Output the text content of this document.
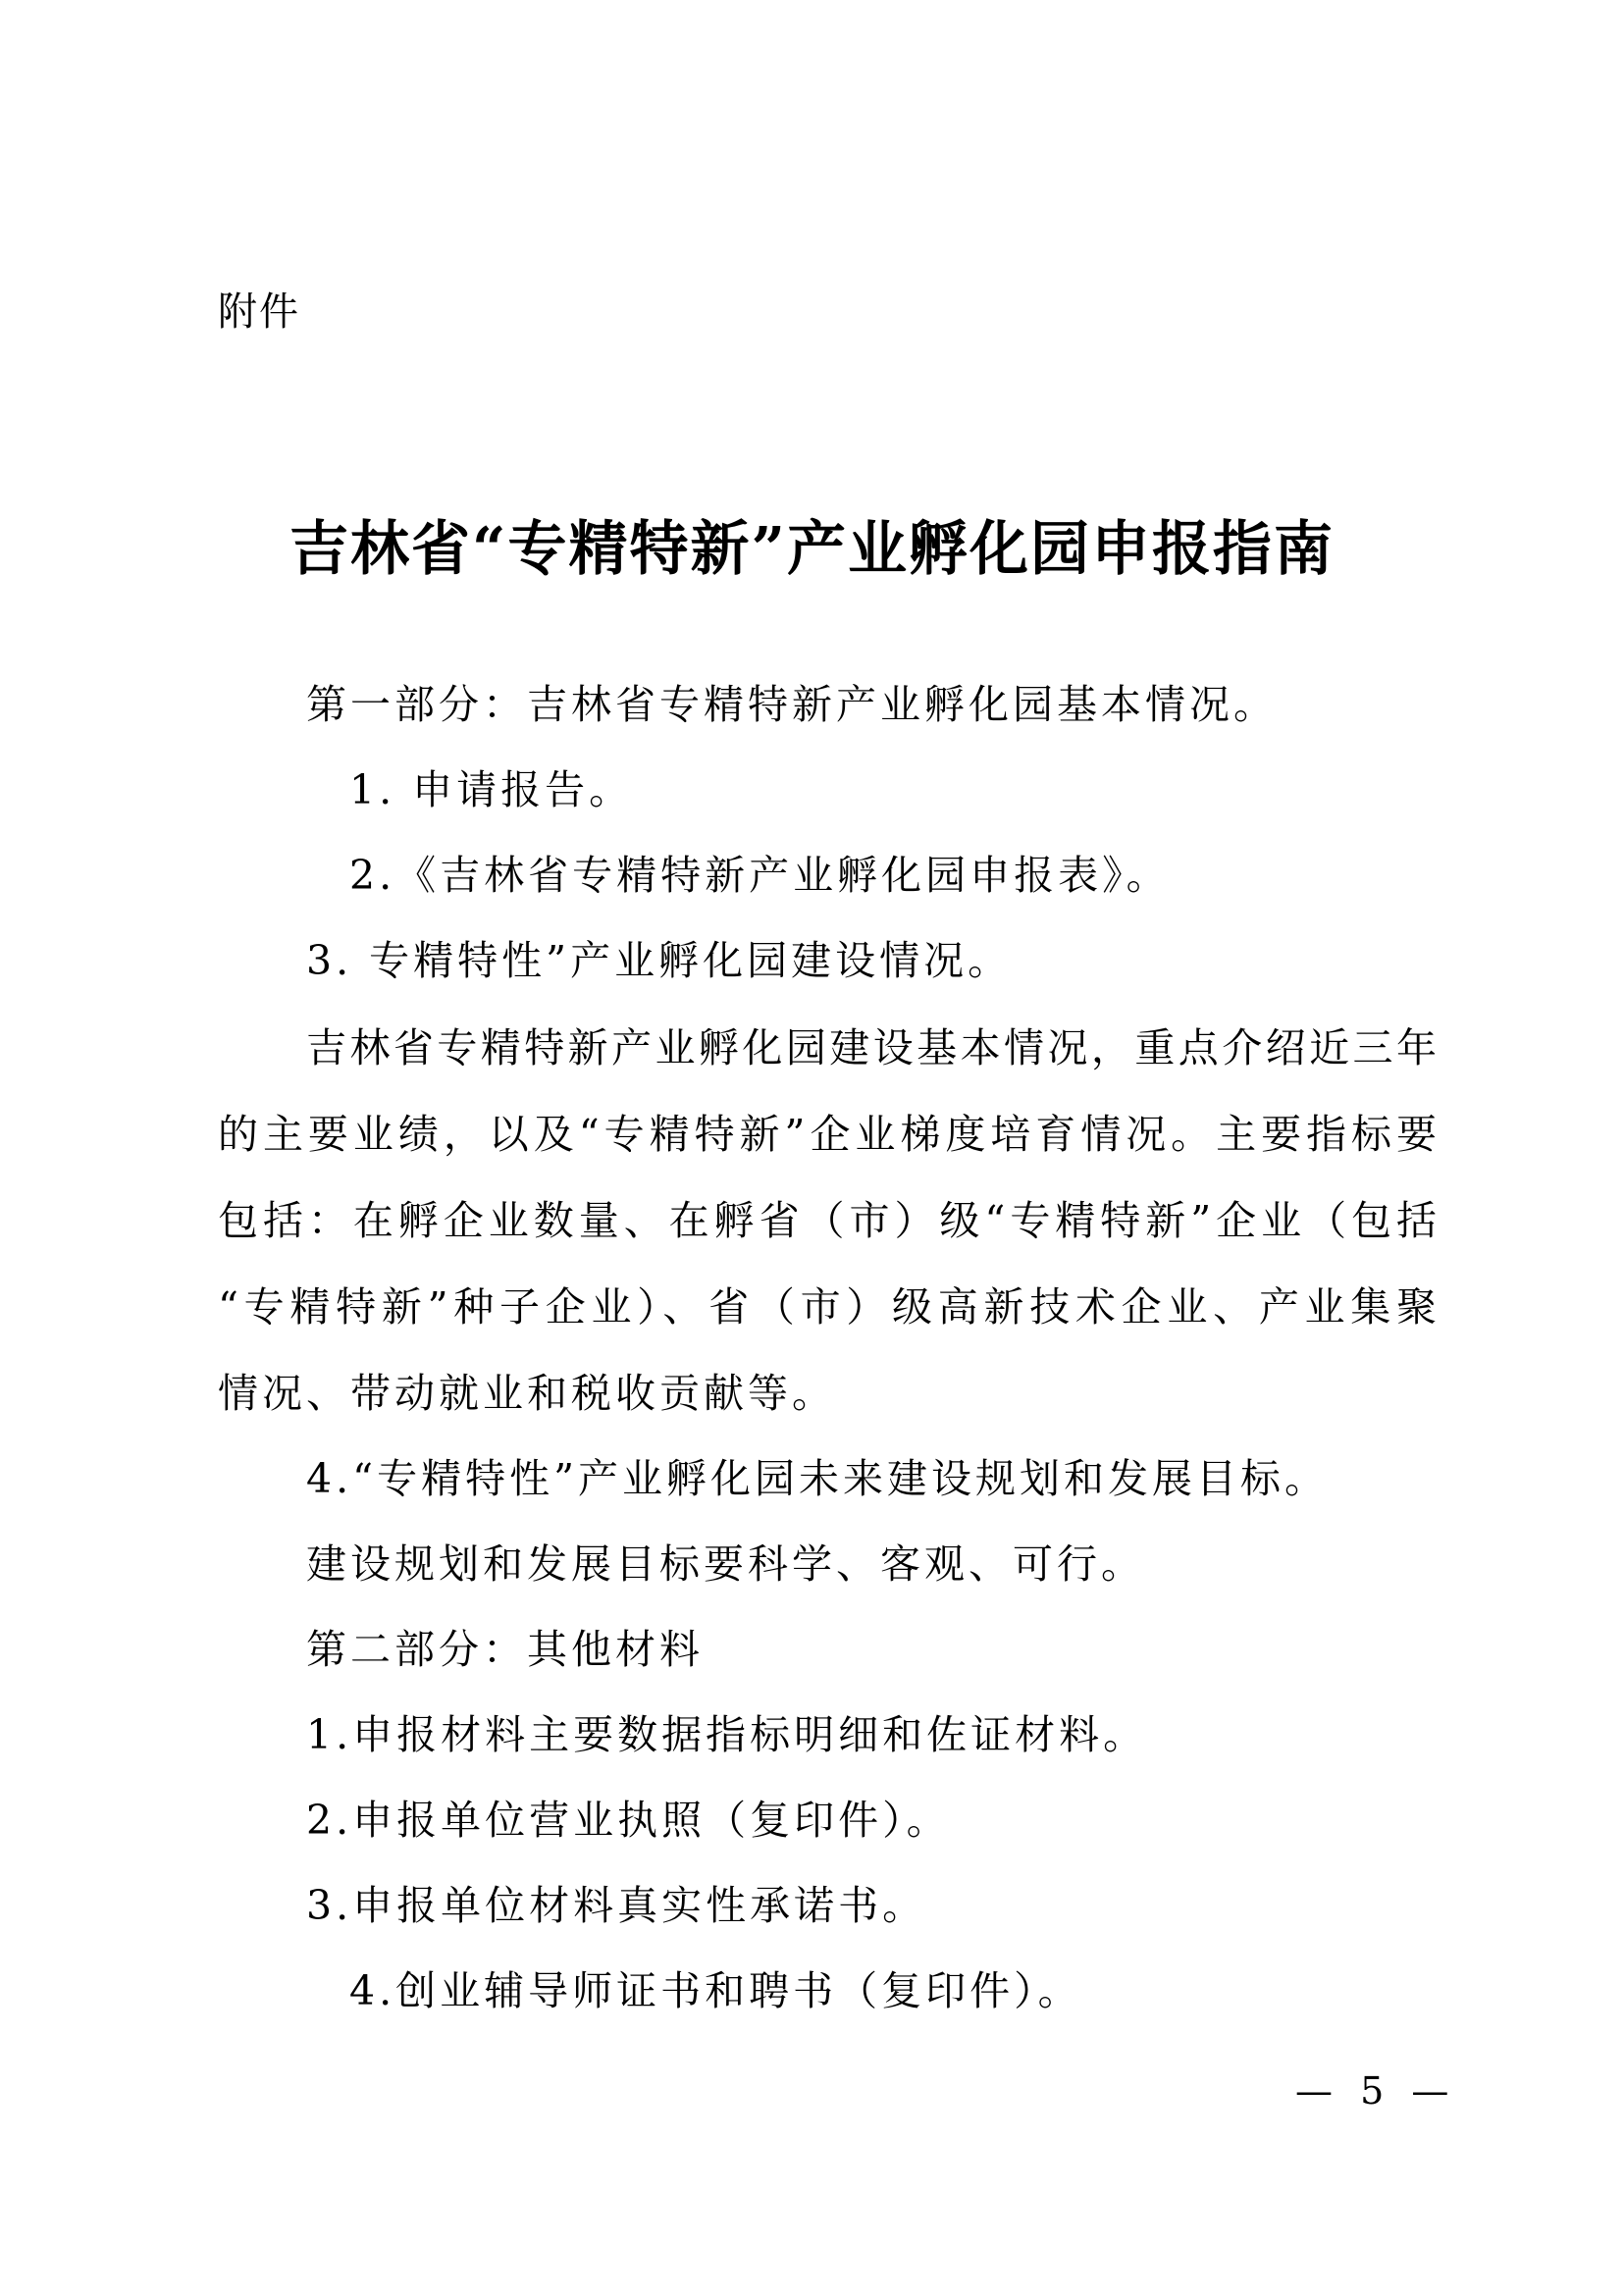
附件
吉林省“专精特新”产业孵化园申报指南
第一部分：吉林省专精特新产业孵化园基本情况。
1. 申请报告。
2.《吉林省专精特新产业孵化园申报表》。
3. 专精特性”产业孵化园建设情况。
吉林省专精特新产业孵化园建设基本情况，重点介绍近三年
的主要业绩，以及“专精特新”企业梯度培育情况。主要指标要
包括：在孵企业数量、在孵省（市）级“专精特新”企业（包括
“专精特新”种子企业）、省（市）级高新技术企业、产业集聚
情况、带动就业和税收贡献等。
4.“专精特性”产业孵化园未来建设规划和发展目标。
建设规划和发展目标要科学、客观、可行。
第二部分：其他材料
1.申报材料主要数据指标明细和佐证材料。
2.申报单位营业执照（复印件）。
3.申报单位材料真实性承诺书。
4.创业辅导师证书和聘书（复印件）。
— 5 —
